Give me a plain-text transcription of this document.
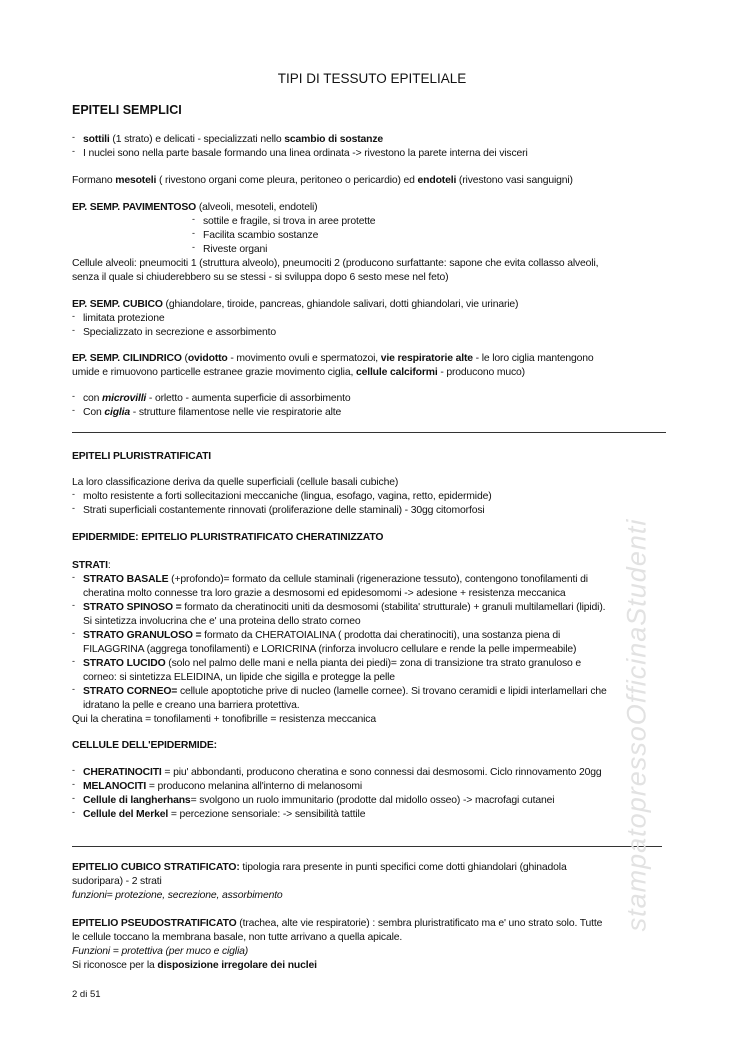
TIPI DI TESSUTO EPITELIALE
EPITELI SEMPLICI
stampatopressoOfficinaStudenti
- sottili (1 strato) e delicati - specializzati nello scambio di sostanze
- I nuclei sono nella parte basale formando una linea ordinata -> rivestono la parete interna dei visceri
Formano mesoteli ( rivestono organi come pleura, peritoneo o pericardio) ed endoteli (rivestono vasi sanguigni)
EP. SEMP. PAVIMENTOSO (alveoli, mesoteli, endoteli)
- sottile e fragile, si trova in aree protette
- Facilita scambio sostanze
- Riveste organi
Cellule alveoli: pneumociti 1 (struttura alveolo), pneumociti 2 (producono surfattante: sapone che evita collasso alveoli,
senza il quale si chiuderebbero su se stessi - si sviluppa dopo 6 sesto mese nel feto)
EP. SEMP. CUBICO (ghiandolare, tiroide, pancreas, ghiandole salivari, dotti ghiandolari, vie urinarie)
- limitata protezione
- Specializzato in secrezione e assorbimento
EP. SEMP. CILINDRICO (ovidotto - movimento ovuli e spermatozoi, vie respiratorie alte - le loro ciglia mantengono
umide e rimuovono particelle estranee grazie movimento ciglia, cellule calciformi - producono muco)
- con microvilli - orletto - aumenta superficie di assorbimento
- Con ciglia - strutture filamentose nelle vie respiratorie alte
EPITELI PLURISTRATIFICATI
La loro classificazione deriva da quelle superficiali (cellule basali cubiche)
- molto resistente a forti sollecitazioni meccaniche (lingua, esofago, vagina, retto, epidermide)
- Strati superficiali costantemente rinnovati (proliferazione delle staminali) - 30gg citomorfosi
EPIDERMIDE: EPITELIO PLURISTRATIFICATO CHERATINIZZATO
STRATI:
- STRATO BASALE (+profondo)= formato da cellule staminali (rigenerazione tessuto), contengono tonofilamenti di
cheratina molto connesse tra loro grazie a desmosomi ed epidesomomi -> adesione + resistenza meccanica
- STRATO SPINOSO = formato da cheratinociti uniti da desmosomi (stabilita' strutturale) + granuli multilamellari (lipidi).
Si sintetizza involucrina che e' una proteina dello strato corneo
- STRATO GRANULOSO = formato da CHERATOIALINA ( prodotta dai cheratinociti), una sostanza piena di
FILAGGRINA (aggrega tonofilamenti) e LORICRINA (rinforza involucro cellulare e rende la pelle impermeabile)
- STRATO LUCIDO (solo nel palmo delle mani e nella pianta dei piedi)= zona di transizione tra strato granuloso e
corneo: si sintetizza ELEIDINA, un lipide che sigilla e protegge la pelle
- STRATO CORNEO= cellule apoptotiche prive di nucleo (lamelle cornee). Si trovano ceramidi e lipidi interlamellari che
idratano la pelle e creano una barriera protettiva.
Qui la cheratina = tonofilamenti + tonofibrille = resistenza meccanica
CELLULE DELL'EPIDERMIDE:
- CHERATINOCITI = piu' abbondanti, producono cheratina e sono connessi dai desmosomi. Ciclo rinnovamento 20gg
- MELANOCITI = producono melanina all'interno di melanosomi
- Cellule di langherhans= svolgono un ruolo immunitario (prodotte dal midollo osseo) -> macrofagi cutanei
- Cellule del Merkel = percezione sensoriale: -> sensibilità tattile
EPITELIO CUBICO STRATIFICATO: tipologia rara presente in punti specifici come dotti ghiandolari (ghinadola
sudoripara) - 2 strati
funzioni= protezione, secrezione, assorbimento
EPITELIO PSEUDOSTRATIFICATO (trachea, alte vie respiratorie) : sembra pluristratificato ma e' uno strato solo. Tutte
le cellule toccano la membrana basale, non tutte arrivano a quella apicale.
Funzioni = protettiva (per muco e ciglia)
Si riconosce per la disposizione irregolare dei nuclei
2 di 51
